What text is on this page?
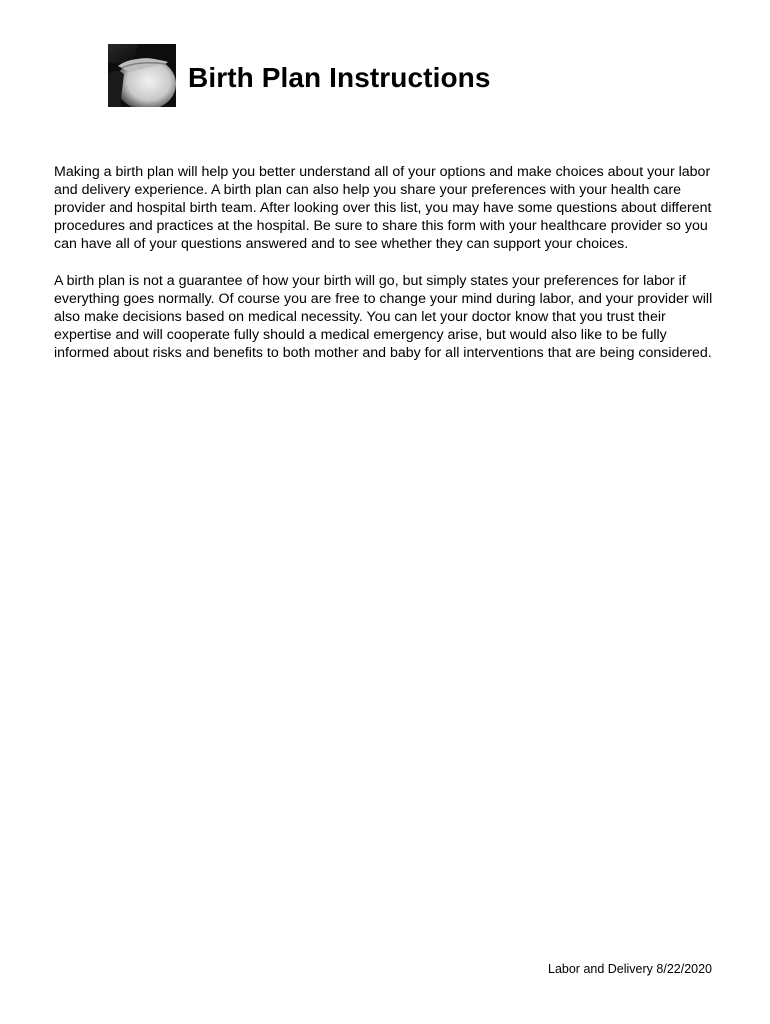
Birth Plan Instructions

Making a birth plan will help you better understand all of your options and make choices about your labor and delivery experience. A birth plan can also help you share your preferences with your health care provider and hospital birth team. After looking over this list, you may have some questions about different procedures and practices at the hospital. Be sure to share this form with your healthcare provider so you can have all of your questions answered and to see whether they can support your choices.

A birth plan is not a guarantee of how your birth will go, but simply states your preferences for labor if everything goes normally. Of course you are free to change your mind during labor, and your provider will also make decisions based on medical necessity. You can let your doctor know that you trust their expertise and will cooperate fully should a medical emergency arise, but would also like to be fully informed about risks and benefits to both mother and baby for all interventions that are being considered.

Labor and Delivery 8/22/2020
